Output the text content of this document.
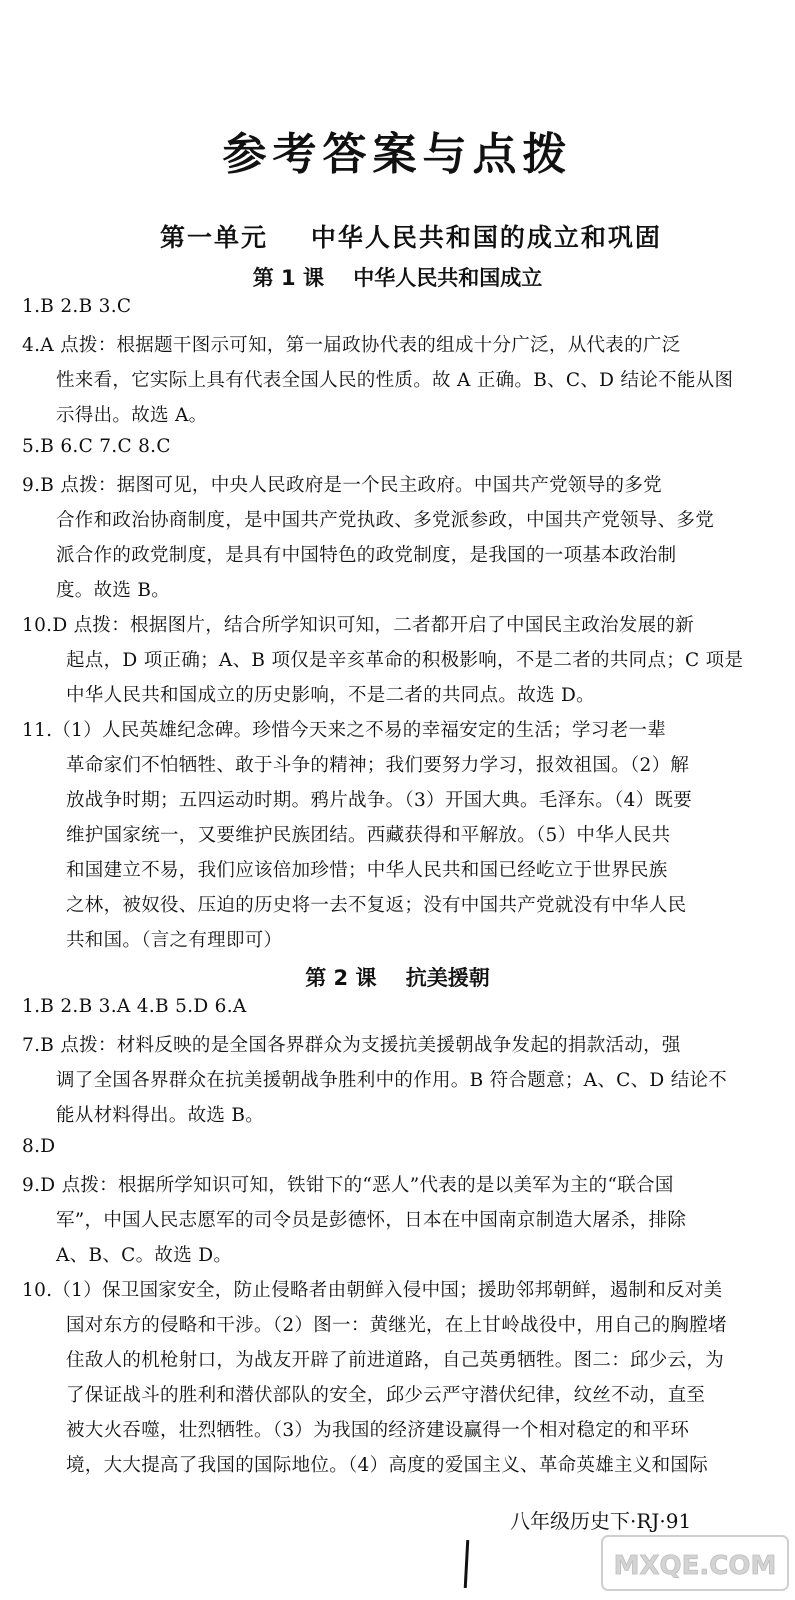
参考答案与点拨
第一单元    中华人民共和国的成立和巩固
第 1 课    中华人民共和国成立
1.B 2.B 3.C
4.A 点拨：根据题干图示可知，第一届政协代表的组成十分广泛，从代表的广泛
性来看，它实际上具有代表全国人民的性质。故 A 正确。B、C、D 结论不能从图
示得出。故选 A。
5.B 6.C 7.C 8.C
9.B 点拨：据图可见，中央人民政府是一个民主政府。中国共产党领导的多党
合作和政治协商制度，是中国共产党执政、多党派参政，中国共产党领导、多党
派合作的政党制度，是具有中国特色的政党制度，是我国的一项基本政治制
度。故选 B。
10.D 点拨：根据图片，结合所学知识可知，二者都开启了中国民主政治发展的新
起点，D 项正确；A、B 项仅是辛亥革命的积极影响，不是二者的共同点；C 项是
中华人民共和国成立的历史影响，不是二者的共同点。故选 D。
11.（1）人民英雄纪念碑。珍惜今天来之不易的幸福安定的生活；学习老一辈
革命家们不怕牺牲、敢于斗争的精神；我们要努力学习，报效祖国。（2）解
放战争时期；五四运动时期。鸦片战争。（3）开国大典。毛泽东。（4）既要
维护国家统一，又要维护民族团结。西藏获得和平解放。（5）中华人民共
和国建立不易，我们应该倍加珍惜；中华人民共和国已经屹立于世界民族
之林，被奴役、压迫的历史将一去不复返；没有中国共产党就没有中华人民
共和国。（言之有理即可）
第 2 课    抗美援朝
1.B 2.B 3.A 4.B 5.D 6.A
7.B 点拨：材料反映的是全国各界群众为支援抗美援朝战争发起的捐款活动，强
调了全国各界群众在抗美援朝战争胜利中的作用。B 符合题意；A、C、D 结论不
能从材料得出。故选 B。
8.D
9.D 点拨：根据所学知识可知，铁钳下的“恶人”代表的是以美军为主的“联合国
军”，中国人民志愿军的司令员是彭德怀，日本在中国南京制造大屠杀，排除
A、B、C。故选 D。
10.（1）保卫国家安全，防止侵略者由朝鲜入侵中国；援助邻邦朝鲜，遏制和反对美
国对东方的侵略和干涉。（2）图一：黄继光，在上甘岭战役中，用自己的胸膛堵
住敌人的机枪射口，为战友开辟了前进道路，自己英勇牺牲。图二：邱少云，为
了保证战斗的胜利和潜伏部队的安全，邱少云严守潜伏纪律，纹丝不动，直至
被大火吞噬，壮烈牺牲。（3）为我国的经济建设赢得一个相对稳定的和平环
境，大大提高了我国的国际地位。（4）高度的爱国主义、革命英雄主义和国际
八年级历史下·RJ·91
MXQE.COM
